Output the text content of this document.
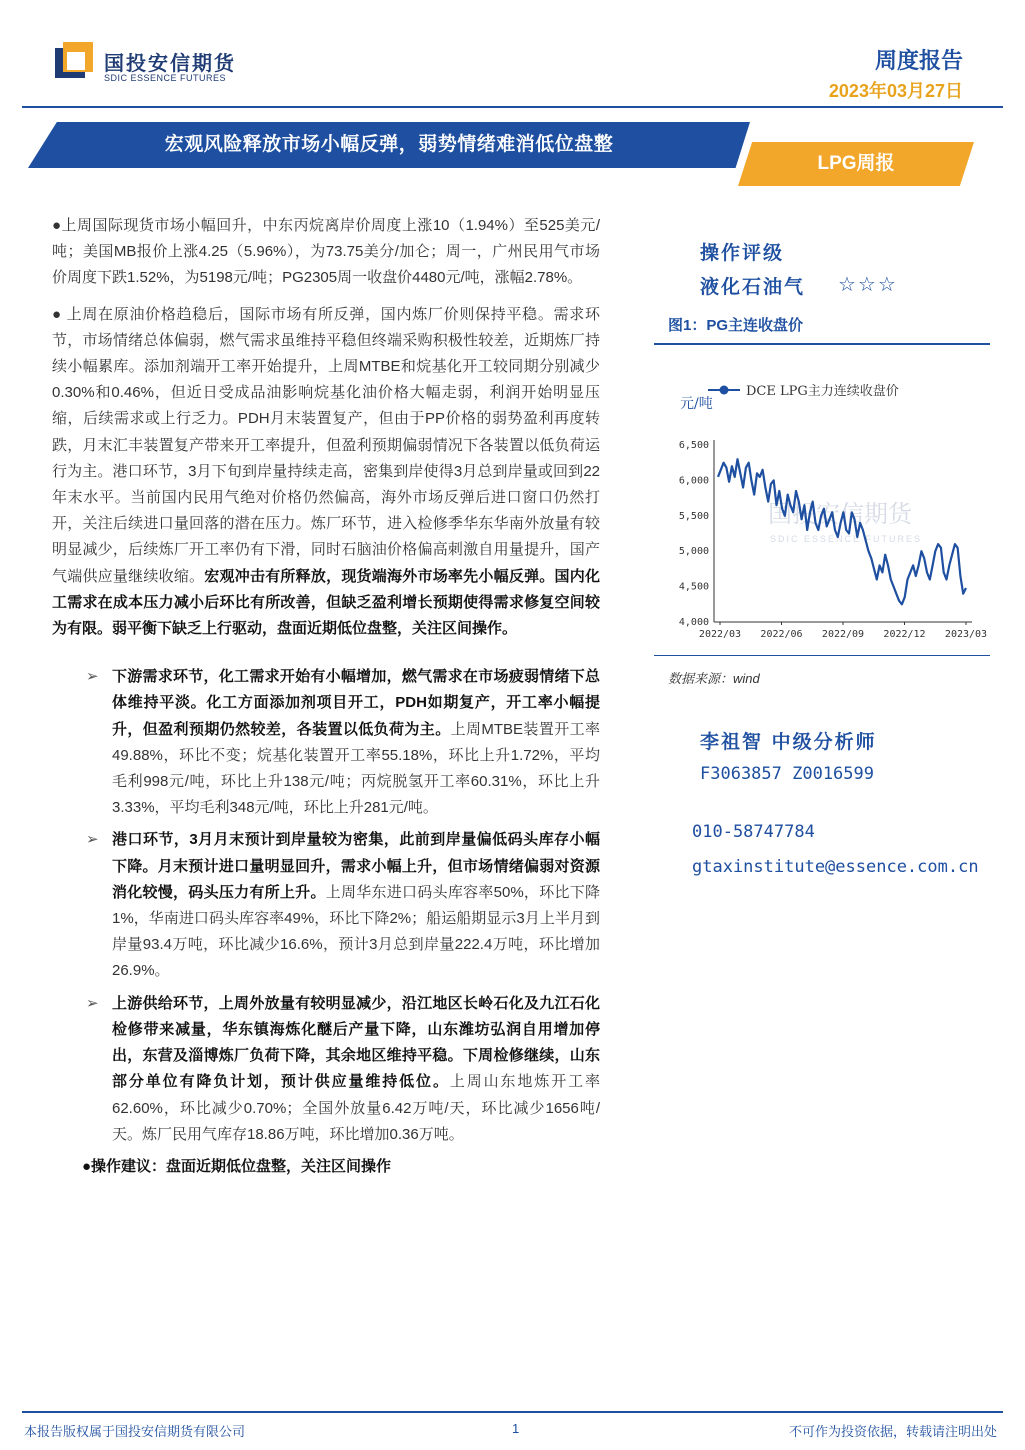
国投安信期货
SDIC ESSENCE FUTURES
周度报告
2023年03月27日
宏观风险释放市场小幅反弹，弱势情绪难消低位盘整
LPG周报

●上周国际现货市场小幅回升，中东丙烷离岸价周度上涨10（1.94%）至525美元/吨；美国MB报价上涨4.25（5.96%），为73.75美分/加仑；周一，广州民用气市场价周度下跌1.52%，为5198元/吨；PG2305周一收盘价4480元/吨，涨幅2.78%。

● 上周在原油价格趋稳后，国际市场有所反弹，国内炼厂价则保持平稳。需求环节，市场情绪总体偏弱，燃气需求虽维持平稳但终端采购积极性较差，近期炼厂持续小幅累库。添加剂端开工率开始提升，上周MTBE和烷基化开工较同期分别减少0.30%和0.46%，但近日受成品油影响烷基化油价格大幅走弱，利润开始明显压缩，后续需求或上行乏力。PDH月末装置复产，但由于PP价格的弱势盈利再度转跌，月末汇丰装置复产带来开工率提升，但盈利预期偏弱情况下各装置以低负荷运行为主。港口环节，3月下旬到岸量持续走高，密集到岸使得3月总到岸量或回到22年末水平。当前国内民用气绝对价格仍然偏高，海外市场反弹后进口窗口仍然打开，关注后续进口量回落的潜在压力。炼厂环节，进入检修季华东华南外放量有较明显减少，后续炼厂开工率仍有下滑，同时石脑油价格偏高刺激自用量提升，国产气端供应量继续收缩。宏观冲击有所释放，现货端海外市场率先小幅反弹。国内化工需求在成本压力减小后环比有所改善，但缺乏盈利增长预期使得需求修复空间较为有限。弱平衡下缺乏上行驱动，盘面近期低位盘整，关注区间操作。

➢ 下游需求环节，化工需求开始有小幅增加，燃气需求在市场疲弱情绪下总体维持平淡。化工方面添加剂项目开工，PDH如期复产，开工率小幅提升，但盈利预期仍然较差，各装置以低负荷为主。上周MTBE装置开工率49.88%，环比不变；烷基化装置开工率55.18%，环比上升1.72%，平均毛利998元/吨，环比上升138元/吨；丙烷脱氢开工率60.31%，环比上升3.33%，平均毛利348元/吨，环比上升281元/吨。
➢ 港口环节，3月月末预计到岸量较为密集，此前到岸量偏低码头库存小幅下降。月末预计进口量明显回升，需求小幅上升，但市场情绪偏弱对资源消化较慢，码头压力有所上升。上周华东进口码头库容率50%，环比下降1%，华南进口码头库容率49%，环比下降2%；船运船期显示3月上半月到岸量93.4万吨，环比减少16.6%，预计3月总到岸量222.4万吨，环比增加26.9%。
➢ 上游供给环节，上周外放量有较明显减少，沿江地区长岭石化及九江石化检修带来减量，华东镇海炼化醚后产量下降，山东潍坊弘润自用增加停出，东营及淄博炼厂负荷下降，其余地区维持平稳。下周检修继续，山东部分单位有降负计划，预计供应量维持低位。上周山东地炼开工率62.60%，环比减少0.70%；全国外放量6.42万吨/天，环比减少1656吨/天。炼厂民用气库存18.86万吨，环比增加0.36万吨。
●操作建议：盘面近期低位盘整，关注区间操作
操作评级
液化石油气 ☆☆☆
图1：PG主连收盘价
国投安信期货
SDIC ESSENCE FUTURES
4,000
4,500
5,000
5,500
6,000
6,500
元/吨
2022/03 2022/06 2022/09 2022/12 2023/03
DCE LPG主力连续收盘价
数据来源：wind
李祖智 中级分析师
F3063857 Z0016599
010-58747784
gtaxinstitute@essence.com.cn
本报告版权属于国投安信期货有限公司	1	不可作为投资依据，转载请注明出处
